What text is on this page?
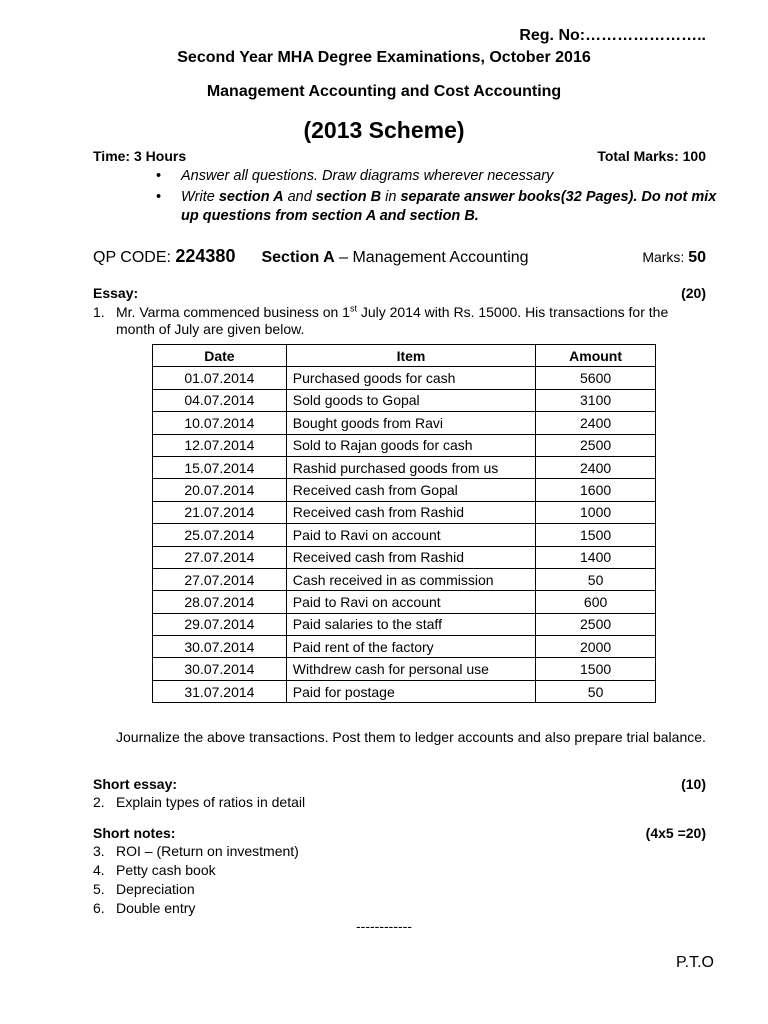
Reg. No:…………………..
Second Year MHA Degree Examinations, October 2016
Management Accounting and Cost Accounting
(2013 Scheme)
Time: 3 Hours	Total Marks: 100
• Answer all questions. Draw diagrams wherever necessary
• Write section A and section B in separate answer books(32 Pages). Do not mix up questions from section A and section B.
QP CODE: 224380 Section A – Management Accounting	Marks: 50
Essay:	(20)
1. Mr. Varma commenced business on 1st July 2014 with Rs. 15000. His transactions for the month of July are given below.
Date	Item	Amount
01.07.2014	Purchased goods for cash	5600
04.07.2014	Sold goods to Gopal	3100
10.07.2014	Bought goods from Ravi	2400
12.07.2014	Sold to Rajan goods for cash	2500
15.07.2014	Rashid purchased goods from us	2400
20.07.2014	Received cash from Gopal	1600
21.07.2014	Received cash from Rashid	1000
25.07.2014	Paid to Ravi on account	1500
27.07.2014	Received cash from Rashid	1400
27.07.2014	Cash received in as commission	50
28.07.2014	Paid to Ravi on account	600
29.07.2014	Paid salaries to the staff	2500
30.07.2014	Paid rent of the factory	2000
30.07.2014	Withdrew cash for personal use	1500
31.07.2014	Paid for postage	50
Journalize the above transactions. Post them to ledger accounts and also prepare trial balance.
Short essay:	(10)
2. Explain types of ratios in detail
Short notes:	(4x5 =20)
3. ROI – (Return on investment)
4. Petty cash book
5. Depreciation
6. Double entry
------------
P.T.O
